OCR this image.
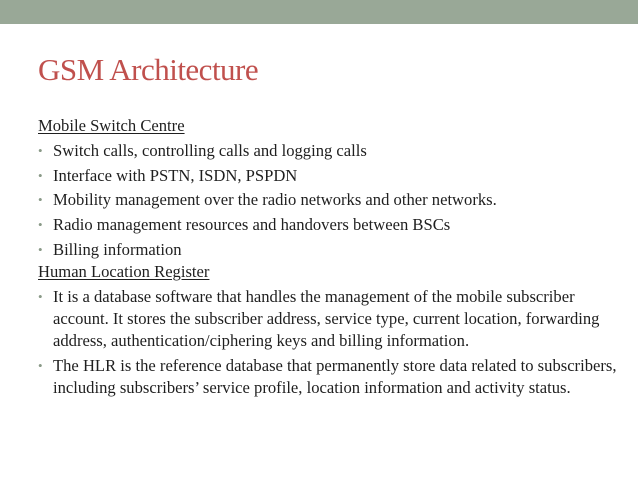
GSM Architecture
Mobile Switch Centre
• Switch calls, controlling calls and logging calls
• Interface with PSTN, ISDN, PSPDN
• Mobility management over the radio networks and other networks.
• Radio management resources and handovers between BSCs
• Billing information
Human Location Register
• It is a database software that handles the management of the mobile subscriber account. It stores the subscriber address, service type, current location, forwarding address, authentication/ciphering keys and billing information.
• The HLR is the reference database that permanently store data related to subscribers, including subscribers’ service profile, location information and activity status.
